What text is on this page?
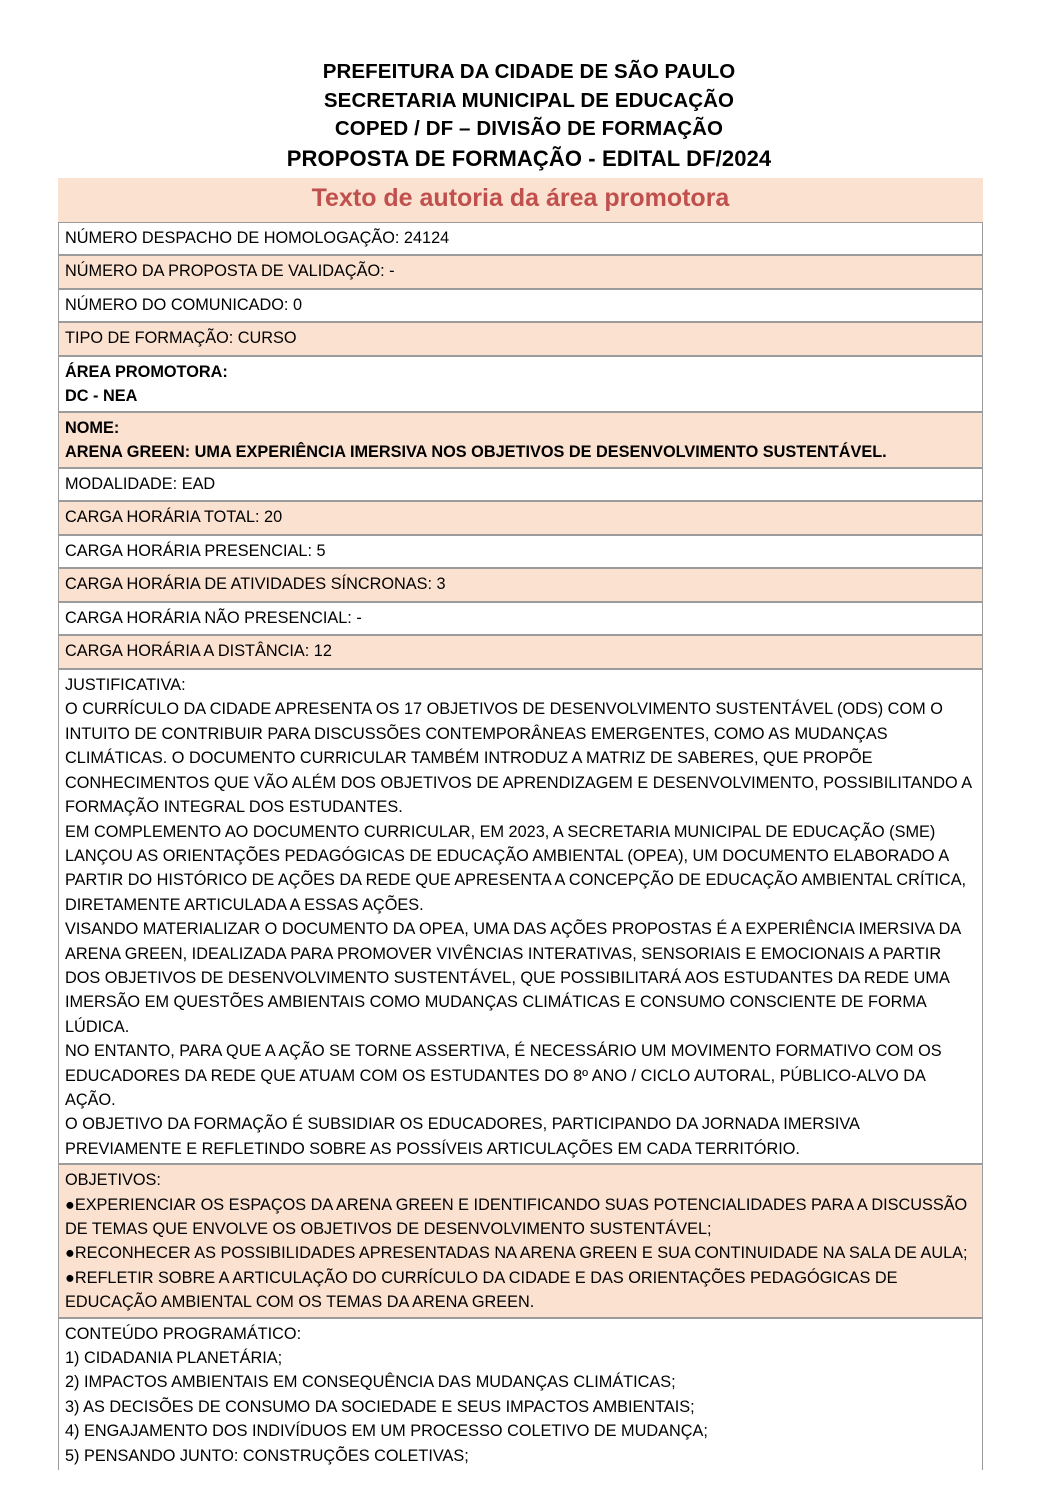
PREFEITURA DA CIDADE DE SÃO PAULO
SECRETARIA MUNICIPAL DE EDUCAÇÃO
COPED / DF – DIVISÃO DE FORMAÇÃO
PROPOSTA DE FORMAÇÃO - EDITAL DF/2024
Texto de autoria da área promotora
NÚMERO DESPACHO DE HOMOLOGAÇÃO: 24124
NÚMERO DA PROPOSTA DE VALIDAÇÃO: -
NÚMERO DO COMUNICADO: 0
TIPO DE FORMAÇÃO: CURSO

ÁREA PROMOTORA:

DC - NEA

NOME:

ARENA GREEN: UMA EXPERIÊNCIA IMERSIVA NOS OBJETIVOS DE DESENVOLVIMENTO SUSTENTÁVEL.

MODALIDADE: EAD
CARGA HORÁRIA TOTAL: 20
CARGA HORÁRIA PRESENCIAL: 5
CARGA HORÁRIA DE ATIVIDADES SÍNCRONAS: 3
CARGA HORÁRIA NÃO PRESENCIAL: -
CARGA HORÁRIA A DISTÂNCIA: 12

JUSTIFICATIVA:

O CURRÍCULO DA CIDADE APRESENTA OS 17 OBJETIVOS DE DESENVOLVIMENTO SUSTENTÁVEL (ODS) COM O INTUITO DE CONTRIBUIR PARA DISCUSSÕES CONTEMPORÂNEAS EMERGENTES, COMO AS MUDANÇAS CLIMÁTICAS. O DOCUMENTO CURRICULAR TAMBÉM INTRODUZ A MATRIZ DE SABERES, QUE PROPÕE CONHECIMENTOS QUE VÃO ALÉM DOS OBJETIVOS DE APRENDIZAGEM E DESENVOLVIMENTO, POSSIBILITANDO A FORMAÇÃO INTEGRAL DOS ESTUDANTES.

EM COMPLEMENTO AO DOCUMENTO CURRICULAR, EM 2023, A SECRETARIA MUNICIPAL DE EDUCAÇÃO (SME) LANÇOU AS ORIENTAÇÕES PEDAGÓGICAS DE EDUCAÇÃO AMBIENTAL (OPEA), UM DOCUMENTO ELABORADO A PARTIR DO HISTÓRICO DE AÇÕES DA REDE QUE APRESENTA A CONCEPÇÃO DE EDUCAÇÃO AMBIENTAL CRÍTICA, DIRETAMENTE ARTICULADA A ESSAS AÇÕES.

VISANDO MATERIALIZAR O DOCUMENTO DA OPEA, UMA DAS AÇÕES PROPOSTAS É A EXPERIÊNCIA IMERSIVA DA ARENA GREEN, IDEALIZADA PARA PROMOVER VIVÊNCIAS INTERATIVAS, SENSORIAIS E EMOCIONAIS A PARTIR DOS OBJETIVOS DE DESENVOLVIMENTO SUSTENTÁVEL, QUE POSSIBILITARÁ AOS ESTUDANTES DA REDE UMA IMERSÃO EM QUESTÕES AMBIENTAIS COMO MUDANÇAS CLIMÁTICAS E CONSUMO CONSCIENTE DE FORMA LÚDICA.

NO ENTANTO, PARA QUE A AÇÃO SE TORNE ASSERTIVA, É NECESSÁRIO UM MOVIMENTO FORMATIVO COM OS EDUCADORES DA REDE QUE ATUAM COM OS ESTUDANTES DO 8º ANO / CICLO AUTORAL, PÚBLICO-ALVO DA AÇÃO.

O OBJETIVO DA FORMAÇÃO É SUBSIDIAR OS EDUCADORES, PARTICIPANDO DA JORNADA IMERSIVA PREVIAMENTE E REFLETINDO SOBRE AS POSSÍVEIS ARTICULAÇÕES EM CADA TERRITÓRIO.

OBJETIVOS:

●EXPERIENCIAR OS ESPAÇOS DA ARENA GREEN E IDENTIFICANDO SUAS POTENCIALIDADES PARA A DISCUSSÃO DE TEMAS QUE ENVOLVE OS OBJETIVOS DE DESENVOLVIMENTO SUSTENTÁVEL;

●RECONHECER AS POSSIBILIDADES APRESENTADAS NA ARENA GREEN E SUA CONTINUIDADE NA SALA DE AULA;

●REFLETIR SOBRE A ARTICULAÇÃO DO CURRÍCULO DA CIDADE E DAS ORIENTAÇÕES PEDAGÓGICAS DE EDUCAÇÃO AMBIENTAL COM OS TEMAS DA ARENA GREEN.

CONTEÚDO PROGRAMÁTICO:

1) CIDADANIA PLANETÁRIA;

2) IMPACTOS AMBIENTAIS EM CONSEQUÊNCIA DAS MUDANÇAS CLIMÁTICAS;

3) AS DECISÕES DE CONSUMO DA SOCIEDADE E SEUS IMPACTOS AMBIENTAIS;

4) ENGAJAMENTO DOS INDIVÍDUOS EM UM PROCESSO COLETIVO DE MUDANÇA;

5) PENSANDO JUNTO: CONSTRUÇÕES COLETIVAS;
